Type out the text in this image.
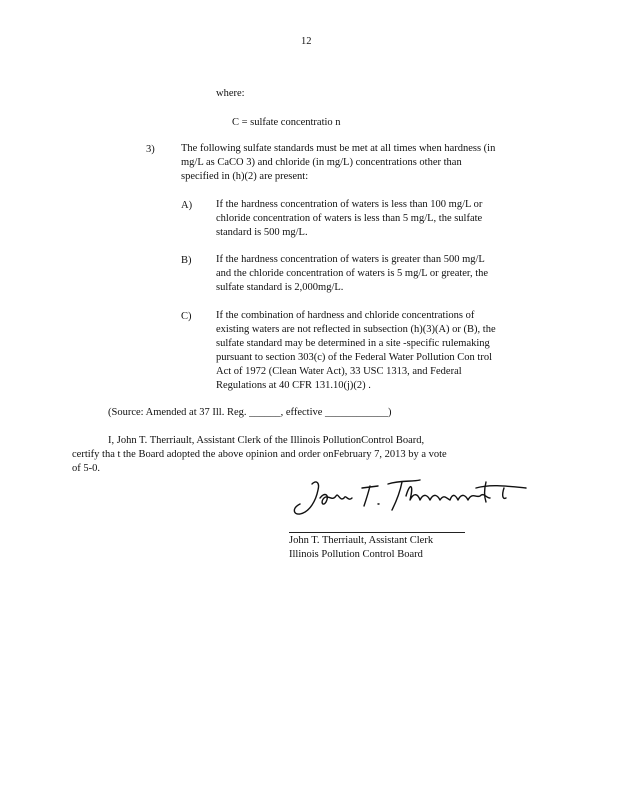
12
where:
C = sulfate concentratio n
3)	The following sulfate standards must be met at all times when hardness (in
mg/L as CaCO 3) and chloride (in mg/L) concentrations other than
specified in (h)(2) are present:
A) If the hardness concentration of waters is less than 100 mg/L or
chloride concentration of waters is less than 5 mg/L, the sulfate
standard is 500 mg/L.
B) If the hardness concentration of waters is greater than 500 mg/L
and the chloride concentration of waters is 5 mg/L or greater, the
sulfate standard is 2,000mg/L.
C) If the combination of hardness and chloride concentrations of
existing waters are not reflected in subsection (h)(3)(A) or (B), the
sulfate standard may be determined in a site -specific rulemaking
pursuant to section 303(c) of the Federal Water Pollution Con trol
Act of 1972 (Clean Water Act), 33 USC 1313, and Federal
Regulations at 40 CFR 131.10(j)(2) .
(Source: Amended at 37 Ill. Reg. ______, effective ____________)
I, John T. Therriault, Assistant Clerk of the Illinois PollutionControl Board,
certify tha t the Board adopted the above opinion and order onFebruary 7, 2013 by a vote
of 5-0.
John T. Therriault, Assistant Clerk
Illinois Pollution Control Board
